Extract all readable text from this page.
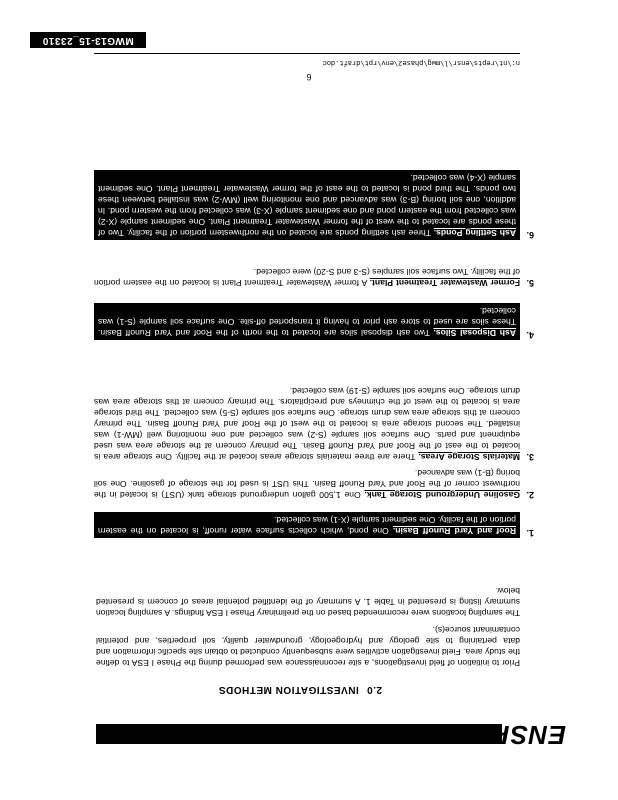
ENSR
2.0 INVESTIGATION METHODS
Prior to initiation of field investigations, a site reconnaissance was performed during the Phase I ESA to define the study area. Field investigation activities were subsequently conducted to obtain site specific information and data pertaining to site geology and hydrogeology, groundwater quality, soil properties, and potential contaminant source(s).
The sampling locations were recommended based on the preliminary Phase I ESA findings. A sampling location summary listing is presented in Table 1. A summary of the identified potential areas of concern is presented below.
1.
Roof and Yard Runoff Basin. One pond, which collects surface water runoff, is located on the eastern portion of the facility. One sediment sample (X-1) was collected.
2.
Gasoline Underground Storage Tank. One 1,500 gallon underground storage tank (UST) is located in the northwest corner of the Roof and Yard Runoff Basin. This UST is used for the storage of gasoline. One soil boring (B-1) was advanced.
3.
Materials Storage Areas. There are three materials storage areas located at the facility. One storage area is located to the east of the Roof and Yard Runoff Basin. The primary concern at the storage area was used equipment and parts. One surface soil sample (S-2) was collected and one monitoring well (MW-1) was installed. The second storage area is located to the west of the Roof and Yard Runoff Basin. The primary concern at this storage area was drum storage. One surface soil sample (S-5) was collected. The third storage area is located to the west of the chimneys and precipitators. The primary concern at this storage area was drum storage. One surface soil sample (S-19) was collected.
4.
Ash Disposal Silos. Two ash disposal silos are located to the north of the Roof and Yard Runoff Basin. These silos are used to store ash prior to having it transported off-site. One surface soil sample (S-1) was collected.
5.
Former Wastewater Treatment Plant. A former Wastewater Treatment Plant is located on the eastern portion of the facility. Two surface soil samples (S-3 and S-20) were collected.
6.
Ash Settling Ponds. Three ash settling ponds are located on the northwestern portion of the facility. Two of these ponds are located to the west of the former Wastewater Treatment Plant. One sediment sample (X-2) was collected from the eastern pond and one sediment sample (X-3) was collected from the western pond. In addition, one soil boring (B-3) was advanced and one monitoring well (MW-2) was installed between these two ponds. The third pond is located to the east of the former Wastewater Treatment Plant. One sediment sample (X-4) was collected.
6
n:\nt\repts\ensr\l\mwg\phase2\env\rpt\draft.doc
MWG13-15_23310
